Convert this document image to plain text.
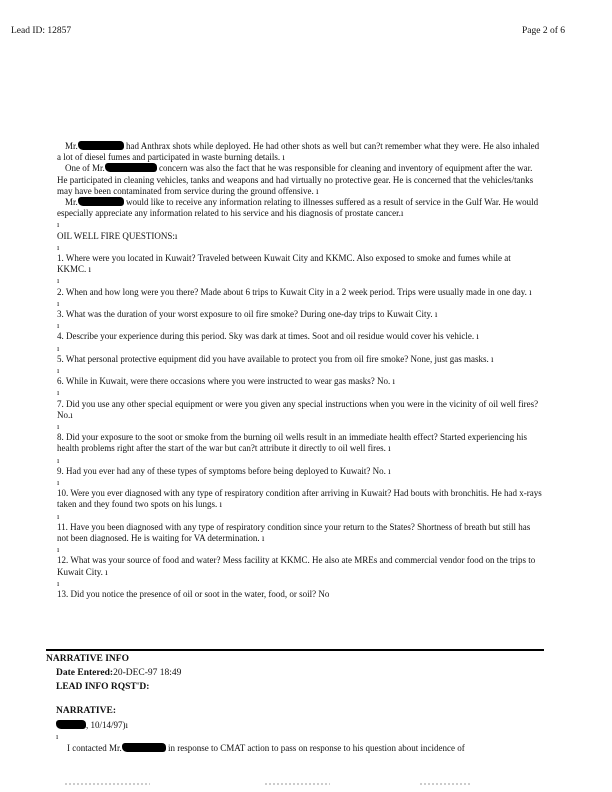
Lead ID: 12857	Page 2 of 6

Mr.	had Anthrax shots while deployed. He had other shots as well but can?t remember what they were. He also inhaled a lot of diesel fumes and participated in waste burning details. ı

One of Mr.	concern was also the fact that he was responsible for cleaning and inventory of equipment after the war. He participated in cleaning vehicles, tanks and weapons and had virtually no protective gear. He is concerned that the vehicles/tanks may have been contaminated from service during the ground offensive. ı

Mr.	would like to receive any information relating to illnesses suffered as a result of service in the Gulf War. He would especially appreciate any information related to his service and his diagnosis of prostate cancer.ı

ı

OIL WELL FIRE QUESTIONS:ı

ı

1. Where were you located in Kuwait? Traveled between Kuwait City and KKMC. Also exposed to smoke and fumes while at KKMC. ı

ı

2. When and how long were you there? Made about 6 trips to Kuwait City in a 2 week period. Trips were usually made in one day. ı

ı

3. What was the duration of your worst exposure to oil fire smoke? During one-day trips to Kuwait City. ı

ı

4. Describe your experience during this period. Sky was dark at times. Soot and oil residue would cover his vehicle. ı

ı

5. What personal protective equipment did you have available to protect you from oil fire smoke? None, just gas masks. ı

ı

6. While in Kuwait, were there occasions where you were instructed to wear gas masks? No. ı

ı

7. Did you use any other special equipment or were you given any special instructions when you were in the vicinity of oil well fires? No.ı

ı

8. Did your exposure to the soot or smoke from the burning oil wells result in an immediate health effect? Started experiencing his health problems right after the start of the war but can?t attribute it directly to oil well fires. ı

ı

9. Had you ever had any of these types of symptoms before being deployed to Kuwait? No. ı

ı

10. Were you ever diagnosed with any type of respiratory condition after arriving in Kuwait? Had bouts with bronchitis. He had x-rays taken and they found two spots on his lungs. ı

ı

11. Have you been diagnosed with any type of respiratory condition since your return to the States? Shortness of breath but still has not been diagnosed. He is waiting for VA determination. ı

ı

12. What was your source of food and water? Mess facility at KKMC. He also ate MREs and commercial vendor food on the trips to Kuwait City. ı

ı

13. Did you notice the presence of oil or soot in the water, food, or soil? No

NARRATIVE INFO
Date Entered:20-DEC-97 18:49
LEAD INFO RQST'D:
NARRATIVE:
, 10/14/97)ı
ı
I contacted Mr.	in response to CMAT action to pass on response to his question about incidence of
